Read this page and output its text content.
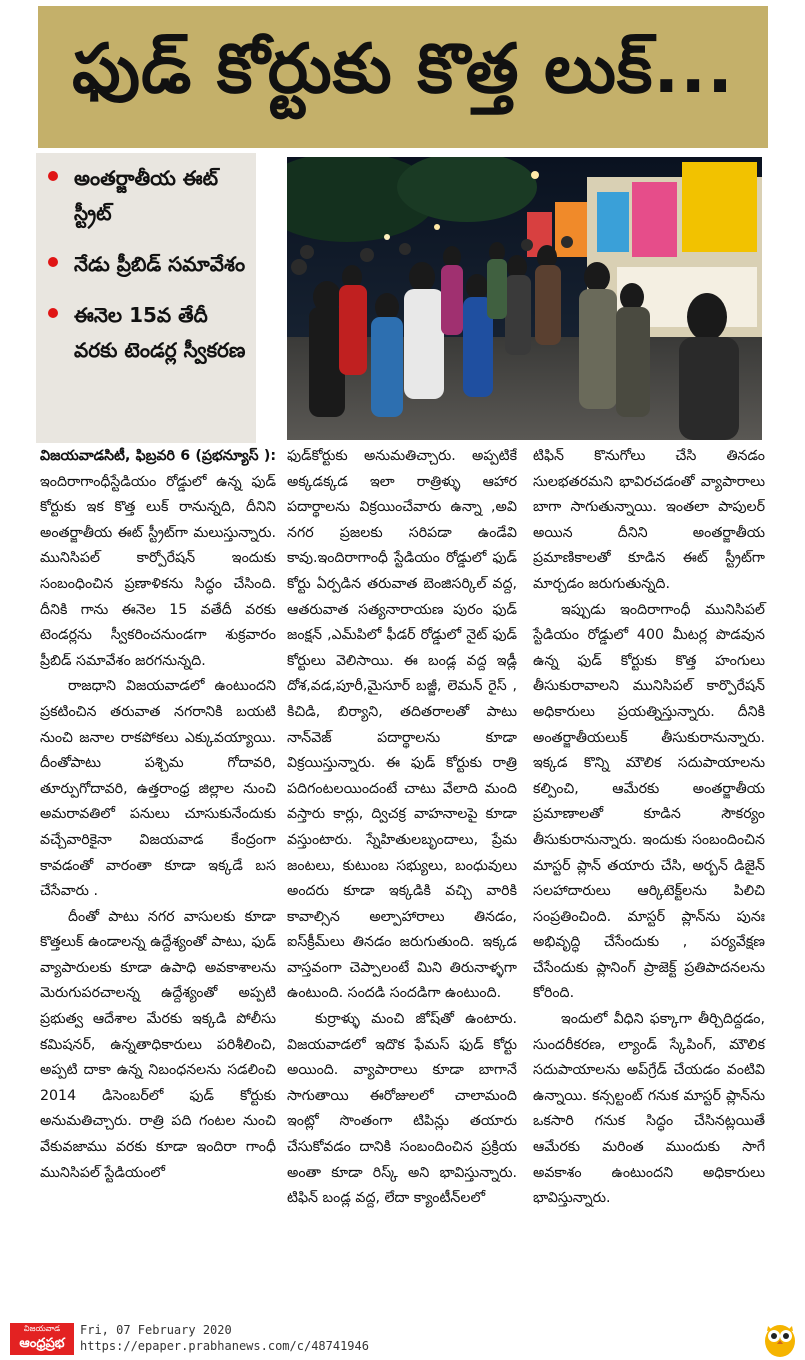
ఫుడ్ కోర్టుకు కొత్త లుక్...
అంతర్జాతీయ ఈట్ స్ట్రీట్
నేడు ప్రీబిడ్ సమావేశం
ఈనెల 15వ తేదీ వరకు టెండర్ల స్వీకరణ

విజయవాడసిటీ, ఫిబ్రవరి 6 (ప్రభన్యూస్ ): ఇందిరాగాంధీస్టేడియం రోడ్డులో ఉన్న ఫుడ్ కోర్టుకు ఇక కొత్త లుక్ రానున్నది, దీనిని అంతర్జాతీయ ఈట్ స్ట్రీట్‌గా మలుస్తున్నారు. మునిసిపల్ కార్పోరేషన్ ఇందుకు సంబంధించిన ప్రణాళికను సిద్ధం చేసింది. దీనికి గాను ఈనెల 15 వతేదీ వరకు టెండర్లను స్వీకరించనుండగా శుక్రవారం ప్రీబిడ్ సమావేశం జరగనున్నది.

రాజధాని విజయవాడలో ఉంటుందని ప్రకటించిన తరువాత నగరానికి బయటి నుంచి జనాల రాకపోకలు ఎక్కువయ్యాయి. దీంతోపాటు పశ్చిమ గోదావరి, తూర్పుగోదావరి, ఉత్తరాంధ్ర జిల్లాల నుంచి అమరావతిలో పనులు చూసుకునేందుకు వచ్చేవారికైనా విజయవాడ కేంద్రంగా కావడంతో వారంతా కూడా ఇక్కడే బస చేసేవారు .

దీంతో పాటు నగర వాసులకు కూడా కొత్తలుక్ ఉండాలన్న ఉద్దేశ్యంతో పాటు, ఫుడ్ వ్యాపారులకు కూడా ఉపాధి అవకాశాలను మెరుగుపరచాలన్న ఉద్దేశ్యంతో అప్పటి ప్రభుత్వ ఆదేశాల మేరకు ఇక్కడి పోలీసు కమిషనర్, ఉన్నతాధికారులు పరిశీలించి, అప్పటి దాకా ఉన్న నిబంధనలను సడలించి 2014 డిసెంబర్‌లో ఫుడ్ కోర్టుకు అనుమతిచ్చారు. రాత్రి పది గంటల నుంచి వేకువజాము వరకు కూడా ఇందిరా గాంధీ మునిసిపల్ స్టేడియంలో

ఫుడ్‌కోర్టుకు అనుమతిచ్చారు. అప్పటికే అక్కడక్కడ ఇలా రాత్రిళ్ళు ఆహార పదార్థాలను విక్రయించేవారు ఉన్నా ,అవి నగర ప్రజలకు సరిపడా ఉండేవి కావు.ఇందిరాగాంధీ స్టేడియం రోడ్డులో ఫుడ్ కోర్టు ఏర్పడిన తరువాత బెంజిసర్కిల్ వద్ద, ఆతరువాత సత్యనారాయణ పురం ఫుడ్ జంక్షన్ ,ఎమ్‌పిలో ఫీడర్ రోడ్డులో నైట్ ఫుడ్ కోర్టులు వెలిసాయి. ఈ బండ్ల వద్ద ఇడ్లీ దోశ,వడ,పూరీ,మైసూర్ బజ్జీ, లెమన్ రైస్ , కిచిడి, బిర్యాని, తదితరాలతో పాటు నాన్‌వెజ్ పదార్థాలను కూడా విక్రయిస్తున్నారు. ఈ ఫుడ్ కోర్టుకు రాత్రి పదిగంటలయిందంటే చాటు వేలాది మంది వస్తారు కార్లు, ద్విచక్ర వాహనాలపై కూడా వస్తుంటారు. స్నేహితులబృందాలు, ప్రేమ జంటలు, కుటుంబ సభ్యులు, బంధువులు అందరు కూడా ఇక్కడికి వచ్చి వారికి కావాల్సిన అల్పాహారాలు తినడం, ఐస్‌క్రీమ్‌లు తినడం జరుగుతుంది. ఇక్కడ వాస్తవంగా చెప్పాలంటే మిని తిరునాళ్ళగా ఉంటుంది. సందడి సందడిగా ఉంటుంది.

కుర్రాళ్ళు మంచి జోష్‌తో ఉంటారు. విజయవాడలో ఇదొక ఫేమస్ ఫుడ్ కోర్టు అయింది. వ్యాపారాలు కూడా బాగానే సాగుతాయి ఈరోజులలో చాలామంది ఇంట్లో సొంతంగా టిపిన్లు తయారు చేసుకోవడం దానికి సంబందించిన ప్రక్రియ అంతా కూడా రిస్క్ అని భావిస్తున్నారు. టిఫిన్ బండ్ల వద్ద, లేదా క్యాంటీన్‌లలో

టిఫిన్ కొనుగోలు చేసి తినడం సులభతరమని భావిరచడంతో వ్యాపారాలు బాగా సాగుతున్నాయి. ఇంతలా పాపులర్ అయిన దీనిని అంతర్జాతీయ ప్రమాణికాలతో కూడిన ఈట్ స్ట్రీట్‌గా మార్చడం జరుగుతున్నది.

ఇప్పుడు ఇందిరాగాంధీ మునిసిపల్ స్టేడియం రోడ్డులో 400 మీటర్ల పొడవున ఉన్న ఫుడ్ కోర్టుకు కొత్త హంగులు తీసుకురావాలని మునిసిపల్ కార్పొరేషన్ అధికారులు ప్రయత్నిస్తున్నారు. దీనికి అంతర్జాతీయలుక్ తీసుకురానున్నారు. ఇక్కడ కొన్ని మౌలిక సదుపాయాలను కల్పించి, ఆమేరకు అంతర్జాతీయ ప్రమాణాలతో కూడిన సౌకర్యం తీసుకురానున్నారు. ఇందుకు సంబందించిన మాస్టర్ ప్లాన్ తయారు చేసి, అర్బన్ డిజైన్ సలహాదారులు ఆర్కిటెక్ట్‌లను పిలిచి సంప్రతించింది. మాస్టర్ ప్లాన్‌ను పునః అభివృద్ధి చేసేందుకు , పర్యవేక్షణ చేసేందుకు ప్లానింగ్ ప్రాజెక్ట్ ప్రతిపాదనలను కోరింది.

ఇందులో వీధిని ఫక్కాగా తీర్చిదిద్దడం, సుందరీకరణ, ల్యాండ్ స్కేపింగ్, మౌలిక సదుపాయాలను అప్‌గ్రేడ్ చేయడం వంటివి ఉన్నాయి. కన్సల్టంట్ గనుక మాస్టర్ ప్లాన్‌ను ఒకసారి గనుక సిద్ధం చేసినట్లయితే ఆమేరకు మరింత ముందుకు సాగే అవకాశం ఉంటుందని అధికారులు భావిస్తున్నారు.

విజయవాడ
ఆంధ్రప్రభ
Fri, 07 February 2020
https://epaper.prabhanews.com/c/48741946
